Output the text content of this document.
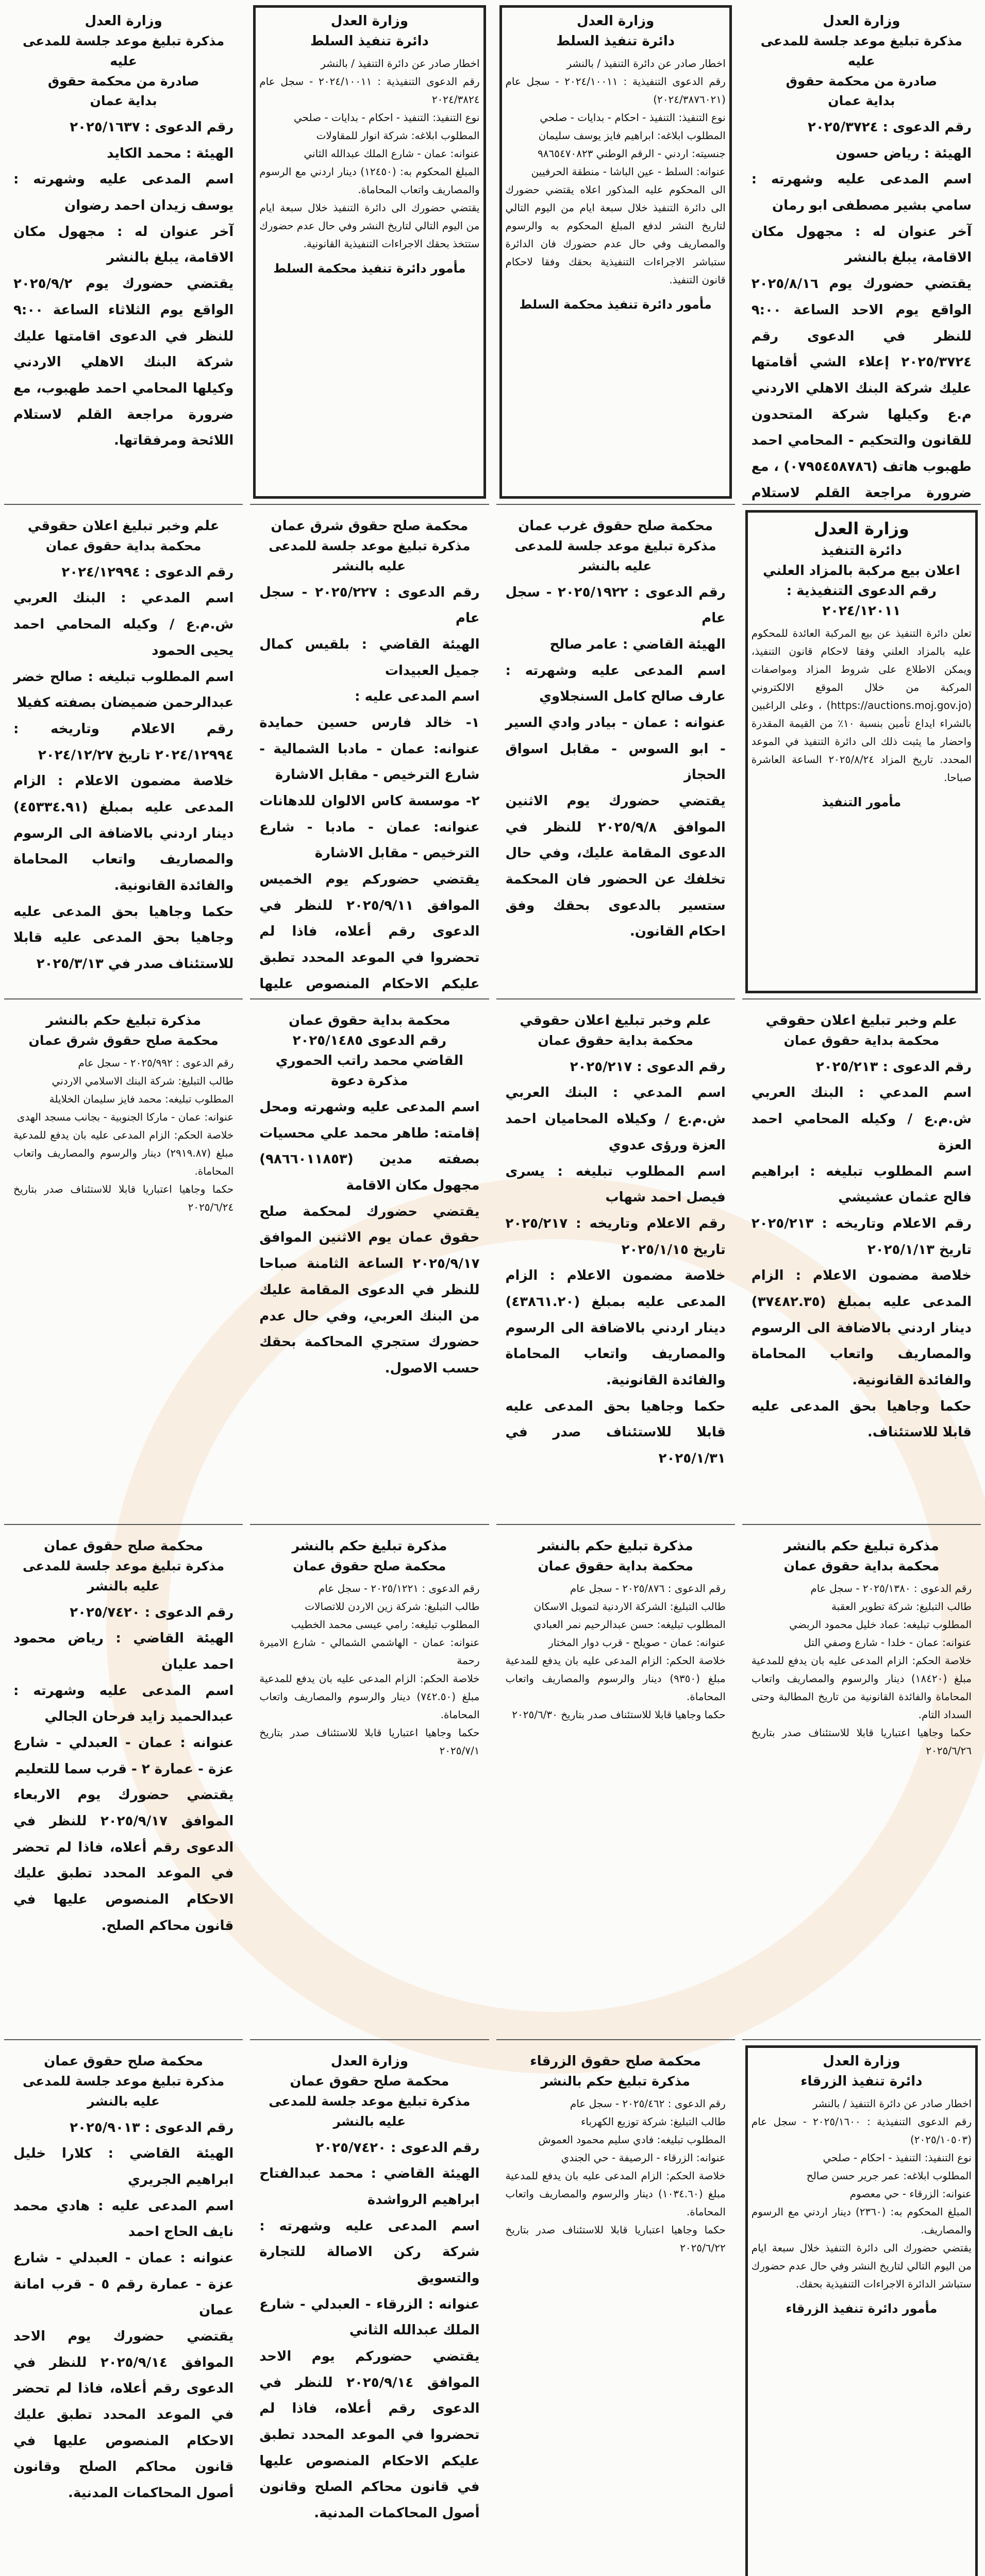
وزارة العدل
مذكرة تبليغ موعد جلسة للمدعى عليه
صادرة من محكمة حقوق
بداية عمان
رقم الدعوى : ٢٠٢٥/٣٧٢٤
الهيئة : رياض حسون
اسم المدعى عليه وشهرته : سامي بشير مصطفى ابو رمان
آخر عنوان له : مجهول مكان الاقامة، يبلغ بالنشر
يقتضي حضورك يوم ٢٠٢٥/٨/١٦ الواقع يوم الاحد الساعة ٩:٠٠ للنظر في الدعوى رقم ٢٠٢٥/٣٧٢٤ إعلاء الشي أقامتها عليك شركة البنك الاهلي الاردني م.ع وكيلها شركة المتحدون للقانون والتحكيم - المحامي احمد طهبوب هاتف (٠٧٩٥٤٥٨٧٨٦) ، مع ضرورة مراجعة القلم لاستلام
وزارة العدل
دائرة تنفيذ السلط
اخطار صادر عن دائرة التنفيذ / بالنشر
رقم الدعوى التنفيذية : ٢٠٢٤/١٠٠١١ - سجل عام (٢٠٢٤/٣٨٧٦٠٢١)
نوع التنفيذ: التنفيذ - احكام - بدايات - صلحي
المطلوب ابلاغه: ابراهيم فايز يوسف سليمان
جنسيته: اردني - الرقم الوطني ٩٨٦٥٤٧٠٨٢٣
عنوانه: السلط - عين الباشا - منطقة الحرفيين
الى المحكوم عليه المذكور اعلاه يقتضي حضورك الى دائرة التنفيذ خلال سبعة ايام من اليوم التالي لتاريخ النشر لدفع المبلغ المحكوم به والرسوم والمصاريف وفي حال عدم حضورك فان الدائرة ستباشر الاجراءات التنفيذية بحقك وفقا لاحكام قانون التنفيذ.
مأمور دائرة تنفيذ محكمة السلط
وزارة العدل
دائرة تنفيذ السلط
اخطار صادر عن دائرة التنفيذ / بالنشر
رقم الدعوى التنفيذية : ٢٠٢٤/١٠٠١١ - سجل عام ٢٠٢٤/٣٨٢٤
نوع التنفيذ: التنفيذ - احكام - بدايات - صلحي
المطلوب ابلاغه: شركة انوار للمقاولات
عنوانه: عمان - شارع الملك عبدالله الثاني
المبلغ المحكوم به: (١٢٤٥٠) دينار اردني مع الرسوم والمصاريف واتعاب المحاماة.
يقتضي حضورك الى دائرة التنفيذ خلال سبعة ايام من اليوم التالي لتاريخ النشر وفي حال عدم حضورك ستتخذ بحقك الاجراءات التنفيذية القانونية.
مأمور دائرة تنفيذ محكمة السلط
وزارة العدل
مذكرة تبليغ موعد جلسة للمدعى عليه
صادرة من محكمة حقوق
بداية عمان
رقم الدعوى : ٢٠٢٥/١٦٣٧
الهيئة : محمد الكايد
اسم المدعى عليه وشهرته : يوسف زيدان احمد رضوان
آخر عنوان له : مجهول مكان الاقامة، يبلغ بالنشر
يقتضي حضورك يوم ٢٠٢٥/٩/٢ الواقع يوم الثلاثاء الساعة ٩:٠٠ للنظر في الدعوى اقامتها عليك شركة البنك الاهلي الاردني وكيلها المحامي احمد طهبوب، مع ضرورة مراجعة القلم لاستلام اللائحة ومرفقاتها.
وزارة العدل
دائرة التنفيذ
اعلان بيع مركبة بالمزاد العلني
رقم الدعوى التنفيذية : ٢٠٢٤/١٢٠١١
تعلن دائرة التنفيذ عن بيع المركبة العائدة للمحكوم عليه بالمزاد العلني وفقا لاحكام قانون التنفيذ، ويمكن الاطلاع على شروط المزاد ومواصفات المركبة من خلال الموقع الالكتروني (https://auctions.moj.gov.jo) ، وعلى الراغبين بالشراء ايداع تأمين بنسبة ١٠٪ من القيمة المقدرة واحضار ما يثبت ذلك الى دائرة التنفيذ في الموعد المحدد. تاريخ المزاد ٢٠٢٥/٨/٢٤ الساعة العاشرة صباحا.
مأمور التنفيذ
محكمة صلح حقوق غرب عمان
مذكرة تبليغ موعد جلسة للمدعى عليه بالنشر
رقم الدعوى : ٢٠٢٥/١٩٢٢ - سجل عام
الهيئة القاضي : عامر صالح
اسم المدعى عليه وشهرته : عارف صالح كامل السنجلاوي
عنوانه : عمان - بيادر وادي السير - ابو السوس - مقابل اسواق الحجاز
يقتضي حضورك يوم الاثنين الموافق ٢٠٢٥/٩/٨ للنظر في الدعوى المقامة عليك، وفي حال تخلفك عن الحضور فان المحكمة ستسير بالدعوى بحقك وفق احكام القانون.
محكمة صلح حقوق شرق عمان
مذكرة تبليغ موعد جلسة للمدعى عليه بالنشر
رقم الدعوى : ٢٠٢٥/٢٢٧ - سجل عام
الهيئة القاضي : بلقيس كمال جميل العبيدات
اسم المدعى عليه :
١- خالد فارس حسين حمايدة عنوانه: عمان - مادبا الشمالية - شارع الترخيص - مقابل الاشارة
٢- موسسة كاس الالوان للدهانات عنوانه: عمان - مادبا - شارع الترخيص - مقابل الاشارة
يقتضي حضوركم يوم الخميس الموافق ٢٠٢٥/٩/١١ للنظر في الدعوى رقم أعلاه، فاذا لم تحضروا في الموعد المحدد تطبق عليكم الاحكام المنصوص عليها
علم وخبر تبليغ اعلان حقوقي
محكمة بداية حقوق عمان
رقم الدعوى : ٢٠٢٤/١٢٩٩٤
اسم المدعي : البنك العربي ش.م.ع / وكيله المحامي احمد يحيى الحمود
اسم المطلوب تبليغه : صالح خضر عبدالرحمن ضميضان بصفته كفيلا
رقم الاعلام وتاريخه : ٢٠٢٤/١٢٩٩٤ تاريخ ٢٠٢٤/١٢/٢٧
خلاصة مضمون الاعلام : الزام المدعى عليه بمبلغ (٤٥٣٣٤.٩١) دينار اردني بالاضافة الى الرسوم والمصاريف واتعاب المحاماة والفائدة القانونية.
حكما وجاهيا بحق المدعى عليه وجاهيا بحق المدعى عليه قابلا للاستئناف صدر في ٢٠٢٥/٣/١٣
علم وخبر تبليغ اعلان حقوقي
محكمة بداية حقوق عمان
رقم الدعوى : ٢٠٢٥/٢١٣
اسم المدعي : البنك العربي ش.م.ع / وكيله المحامي احمد العزة
اسم المطلوب تبليغه : ابراهيم فالح عثمان عشيشي
رقم الاعلام وتاريخه : ٢٠٢٥/٢١٣ تاريخ ٢٠٢٥/١/١٣
خلاصة مضمون الاعلام : الزام المدعى عليه بمبلغ (٣٧٤٨٢.٣٥) دينار اردني بالاضافة الى الرسوم والمصاريف واتعاب المحاماة والفائدة القانونية.
حكما وجاهيا بحق المدعى عليه قابلا للاستئناف.
علم وخبر تبليغ اعلان حقوقي
محكمة بداية حقوق عمان
رقم الدعوى : ٢٠٢٥/٢١٧
اسم المدعي : البنك العربي ش.م.ع / وكيلاه المحاميان احمد العزة ورؤى عدوي
اسم المطلوب تبليغه : يسرى فيصل احمد شهاب
رقم الاعلام وتاريخه : ٢٠٢٥/٢١٧ تاريخ ٢٠٢٥/١/١٥
خلاصة مضمون الاعلام : الزام المدعى عليه بمبلغ (٤٣٨٦١.٢٠) دينار اردني بالاضافة الى الرسوم والمصاريف واتعاب المحاماة والفائدة القانونية.
حكما وجاهيا بحق المدعى عليه قابلا للاستئناف صدر في ٢٠٢٥/١/٣١
محكمة بداية حقوق عمان
رقم الدعوى ٢٠٢٥/١٤٨٥
القاضي محمد راتب الحموري
مذكرة دعوة
اسم المدعى عليه وشهرته ومحل إقامته: طاهر محمد علي محسيات بصفته مدين (٩٨٦٦٠١١٨٥٣) مجهول مكان الاقامة
يقتضي حضورك لمحكمة صلح حقوق عمان يوم الاثنين الموافق ٢٠٢٥/٩/١٧ الساعة الثامنة صباحا للنظر في الدعوى المقامة عليك من البنك العربي، وفي حال عدم حضورك ستجري المحاكمة بحقك حسب الاصول.
مذكرة تبليغ حكم بالنشر
محكمة صلح حقوق شرق عمان
رقم الدعوى : ٢٠٢٥/٩٩٢ - سجل عام
طالب التبليغ: شركة البنك الاسلامي الاردني
المطلوب تبليغه: محمد فايز سليمان الخلايلة
عنوانه: عمان - ماركا الجنوبية - بجانب مسجد الهدى
خلاصة الحكم: الزام المدعى عليه بان يدفع للمدعية مبلغ (٢٩١٩.٨٧) دينار والرسوم والمصاريف واتعاب المحاماة.
حكما وجاهيا اعتباريا قابلا للاستئناف صدر بتاريخ ٢٠٢٥/٦/٢٤
مذكرة تبليغ حكم بالنشر
محكمة بداية حقوق عمان
رقم الدعوى : ٢٠٢٥/١٣٨٠ - سجل عام
طالب التبليغ: شركة تطوير العقبة
المطلوب تبليغه: عماد خليل محمود الربضي
عنوانه: عمان - خلدا - شارع وصفي التل
خلاصة الحكم: الزام المدعى عليه بان يدفع للمدعية مبلغ (١٨٤٢٠) دينار والرسوم والمصاريف واتعاب المحاماة والفائدة القانونية من تاريخ المطالبة وحتى السداد التام.
حكما وجاهيا اعتباريا قابلا للاستئناف صدر بتاريخ ٢٠٢٥/٦/٢٦
مذكرة تبليغ حكم بالنشر
محكمة بداية حقوق عمان
رقم الدعوى : ٢٠٢٥/٨٧٦ - سجل عام
طالب التبليغ: الشركة الاردنية لتمويل الاسكان
المطلوب تبليغه: حسن عبدالرحيم نمر العبادي
عنوانه: عمان - صويلح - قرب دوار المختار
خلاصة الحكم: الزام المدعى عليه بان يدفع للمدعية مبلغ (٩٣٥٠) دينار والرسوم والمصاريف واتعاب المحاماة.
حكما وجاهيا قابلا للاستئناف صدر بتاريخ ٢٠٢٥/٦/٣٠
مذكرة تبليغ حكم بالنشر
محكمة صلح حقوق عمان
رقم الدعوى : ٢٠٢٥/١٢٢١ - سجل عام
طالب التبليغ: شركة زين الاردن للاتصالات
المطلوب تبليغه: رامي عيسى محمد الخطيب
عنوانه: عمان - الهاشمي الشمالي - شارع الاميرة رحمة
خلاصة الحكم: الزام المدعى عليه بان يدفع للمدعية مبلغ (٧٤٢.٥٠) دينار والرسوم والمصاريف واتعاب المحاماة.
حكما وجاهيا اعتباريا قابلا للاستئناف صدر بتاريخ ٢٠٢٥/٧/١
محكمة صلح حقوق عمان
مذكرة تبليغ موعد جلسة للمدعى عليه بالنشر
رقم الدعوى : ٢٠٢٥/٧٤٢٠
الهيئة القاضي : رياض محمود احمد عليان
اسم المدعى عليه وشهرته : عبدالحميد زايد فرحان الجالي
عنوانه : عمان - العبدلي - شارع عزة - عمارة ٢ - قرب سما للتعليم
يقتضي حضورك يوم الاربعاء الموافق ٢٠٢٥/٩/١٧ للنظر في الدعوى رقم أعلاه، فاذا لم تحضر في الموعد المحدد تطبق عليك الاحكام المنصوص عليها في قانون محاكم الصلح.
وزارة العدل
دائرة تنفيذ الزرقاء
اخطار صادر عن دائرة التنفيذ / بالنشر
رقم الدعوى التنفيذية : ٢٠٢٥/١٦٠٠ - سجل عام (٢٠٢٥/١٠٥٠٣)
نوع التنفيذ: التنفيذ - احكام - صلحي
المطلوب ابلاغه: عمر جرير حسن صالح
عنوانه: الزرقاء - حي معصوم
المبلغ المحكوم به: (٢٣٦٠) دينار اردني مع الرسوم والمصاريف.
يقتضي حضورك الى دائرة التنفيذ خلال سبعة ايام من اليوم التالي لتاريخ النشر وفي حال عدم حضورك ستباشر الدائرة الاجراءات التنفيذية بحقك.
مأمور دائرة تنفيذ الزرقاء
محكمة صلح حقوق الزرقاء
مذكرة تبليغ حكم بالنشر
رقم الدعوى : ٢٠٢٥/٤٦٢ - سجل عام
طالب التبليغ: شركة توزيع الكهرباء
المطلوب تبليغه: فادي سليم محمود العموش
عنوانه: الزرقاء - الرصيفة - حي الجندي
خلاصة الحكم: الزام المدعى عليه بان يدفع للمدعية مبلغ (١٠٣٤.٦٠) دينار والرسوم والمصاريف واتعاب المحاماة.
حكما وجاهيا اعتباريا قابلا للاستئناف صدر بتاريخ ٢٠٢٥/٦/٢٢
وزارة العدل
محكمة صلح حقوق عمان
مذكرة تبليغ موعد جلسة للمدعى عليه بالنشر
رقم الدعوى : ٢٠٢٥/٧٤٢٠
الهيئة القاضي : محمد عبدالفتاح ابراهيم الرواشدة
اسم المدعى عليه وشهرته : شركة ركن الاصالة للتجارة والتسويق
عنوانه : الزرقاء - العبدلي - شارع الملك عبدالله الثاني
يقتضي حضوركم يوم الاحد الموافق ٢٠٢٥/٩/١٤ للنظر في الدعوى رقم أعلاه، فاذا لم تحضروا في الموعد المحدد تطبق عليكم الاحكام المنصوص عليها في قانون محاكم الصلح وقانون أصول المحاكمات المدنية.
محكمة صلح حقوق عمان
مذكرة تبليغ موعد جلسة للمدعى عليه بالنشر
رقم الدعوى : ٢٠٢٥/٩٠١٣
الهيئة القاضي : كلارا خليل ابراهيم الجريري
اسم المدعى عليه : هادي محمد نايف الحاج احمد
عنوانه : عمان - العبدلي - شارع عزة - عمارة رقم ٥ - قرب امانة عمان
يقتضي حضورك يوم الاحد الموافق ٢٠٢٥/٩/١٤ للنظر في الدعوى رقم أعلاه، فاذا لم تحضر في الموعد المحدد تطبق عليك الاحكام المنصوص عليها في قانون محاكم الصلح وقانون أصول المحاكمات المدنية.
